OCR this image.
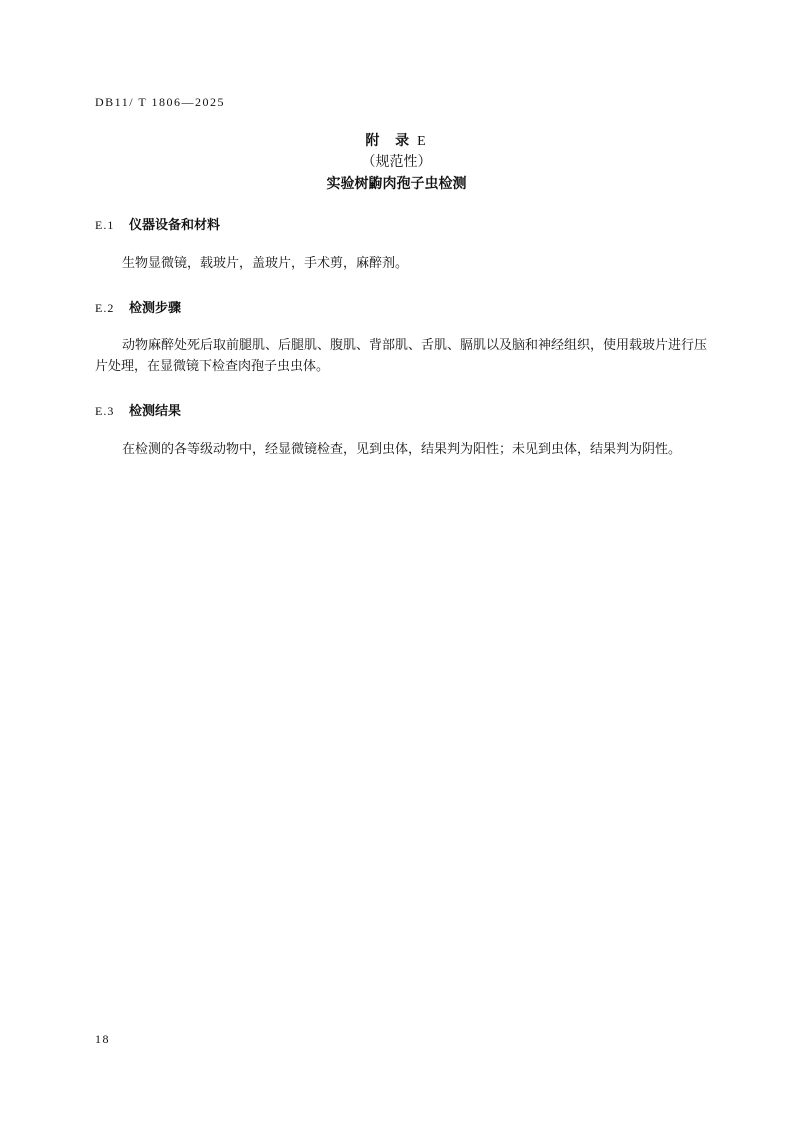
DB11/ T 1806—2025
附  录 E
（规范性）
实验树鼩肉孢子虫检测
E.1 仪器设备和材料

生物显微镜，载玻片，盖玻片，手术剪，麻醉剂。

E.2 检测步骤

动物麻醉处死后取前腿肌、后腿肌、腹肌、背部肌、舌肌、膈肌以及脑和神经组织，使用载玻片进行压片处理，在显微镜下检查肉孢子虫虫体。

E.3 检测结果

在检测的各等级动物中，经显微镜检查，见到虫体，结果判为阳性；未见到虫体，结果判为阴性。

18
